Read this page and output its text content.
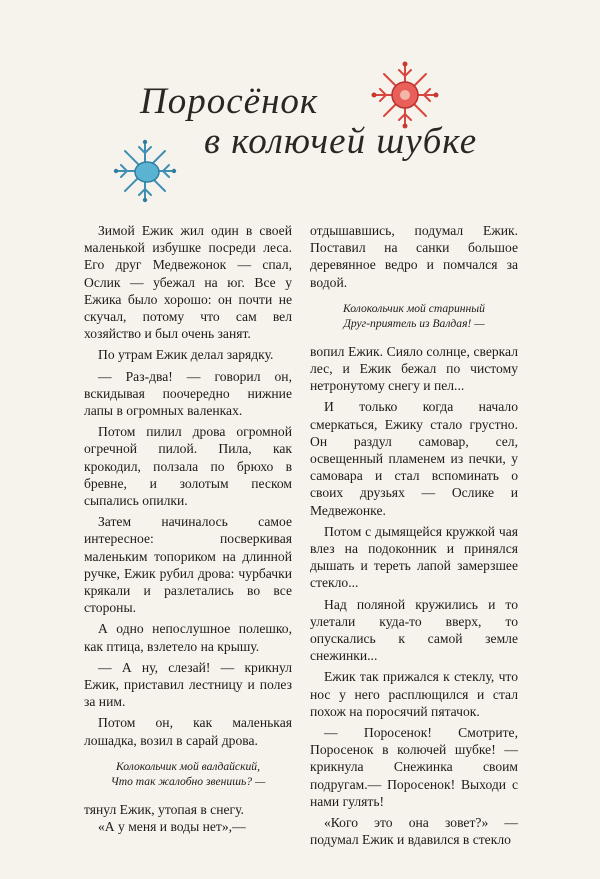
Поросёнок
в колючей шубке

Зимой Ежик жил один в своей маленькой избушке посреди леса. Его друг Медвежонок — спал, Ослик — убежал на юг. Все у Ежика было хорошо: он почти не скучал, потому что сам вел хозяйство и был очень занят.

По утрам Ежик делал зарядку.

— Раз-два! — говорил он, вскидывая поочередно нижние лапы в огромных валенках.

Потом пилил дрова огромной огречной пилой. Пила, как крокодил, ползала по брюхо в бревне, и золотым песком сыпались опилки.

Затем начиналось самое интересное: посверкивая маленьким топориком на длинной ручке, Ежик рубил дрова: чурбачки крякали и разлетались во все стороны.

А одно непослушное полешко, как птица, взлетело на крышу.

— А ну, слезай! — крикнул Ежик, приставил лестницу и полез за ним.

Потом он, как маленькая лошадка, возил в сарай дрова.

Колокольчик мой валдайский,
Что так жалобно звенишь? —

тянул Ежик, утопая в снегу.

«А у меня и воды нет»,—

отдышавшись, подумал Ежик. Поставил на санки большое деревянное ведро и помчался за водой.

Колокольчик мой старинный
Друг-приятель из Валдая! —

вопил Ежик. Сияло солнце, сверкал лес, и Ежик бежал по чистому нетронутому снегу и пел...

И только когда начало смеркаться, Ежику стало грустно. Он раздул самовар, сел, освещенный пламенем из печки, у самовара и стал вспоминать о своих друзьях — Ослике и Медвежонке.

Потом с дымящейся кружкой чая влез на подоконник и принялся дышать и тереть лапой замерзшее стекло...

Над поляной кружились и то улетали куда-то вверх, то опускались к самой земле снежинки...

Ежик так прижался к стеклу, что нос у него расплющился и стал похож на поросячий пятачок.

— Поросенок! Смотрите, Поросенок в колючей шубке! — крикнула Снежинка своим подругам.— Поросенок! Выходи с нами гулять!

«Кого это она зовет?» — подумал Ежик и вдавился в стекло
